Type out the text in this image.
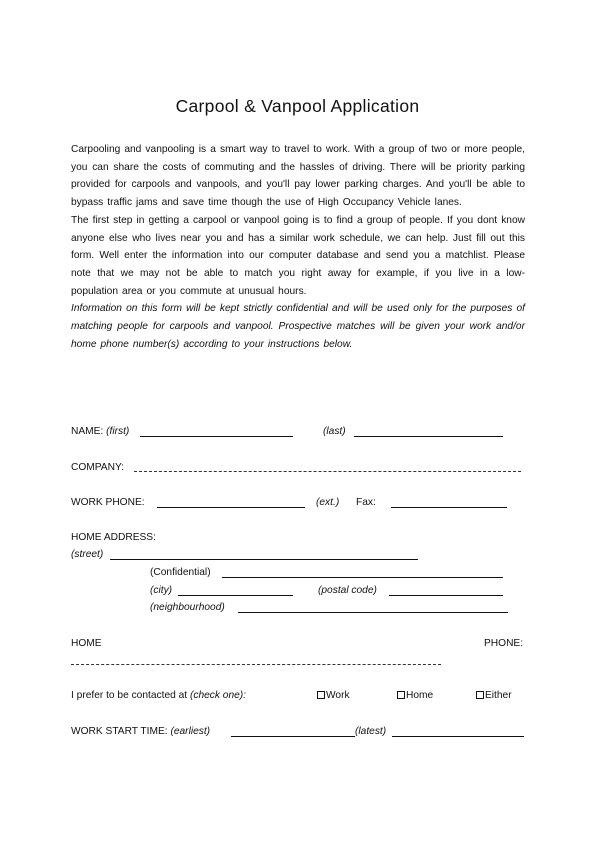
Carpool & Vanpool Application

Carpooling and vanpooling is a smart way to travel to work. With a group of two or more people, you can share the costs of commuting and the hassles of driving. There will be priority parking provided for carpools and vanpools, and you'll pay lower parking charges. And you'll be able to bypass traffic jams and save time though the use of High Occupancy Vehicle lanes.

The first step in getting a carpool or vanpool going is to find a group of people. If you dont know anyone else who lives near you and has a similar work schedule, we can help. Just fill out this form. Well enter the information into our computer database and send you a matchlist. Please note that we may not be able to match you right away for example, if you live in a low-population area or you commute at unusual hours.

Information on this form will be kept strictly confidential and will be used only for the purposes of matching people for carpools and vanpool. Prospective matches will be given your work and/or home phone number(s) according to your instructions below.

NAME: (first)	(last)
COMPANY:
WORK PHONE:	(ext.) Fax:
HOME ADDRESS:
(street)
(Confidential)
(city)	(postal code)
(neighbourhood)
HOME	PHONE:
I prefer to be contacted at (check one):	Work	Home	Either
WORK START TIME: (earliest)	(latest)
